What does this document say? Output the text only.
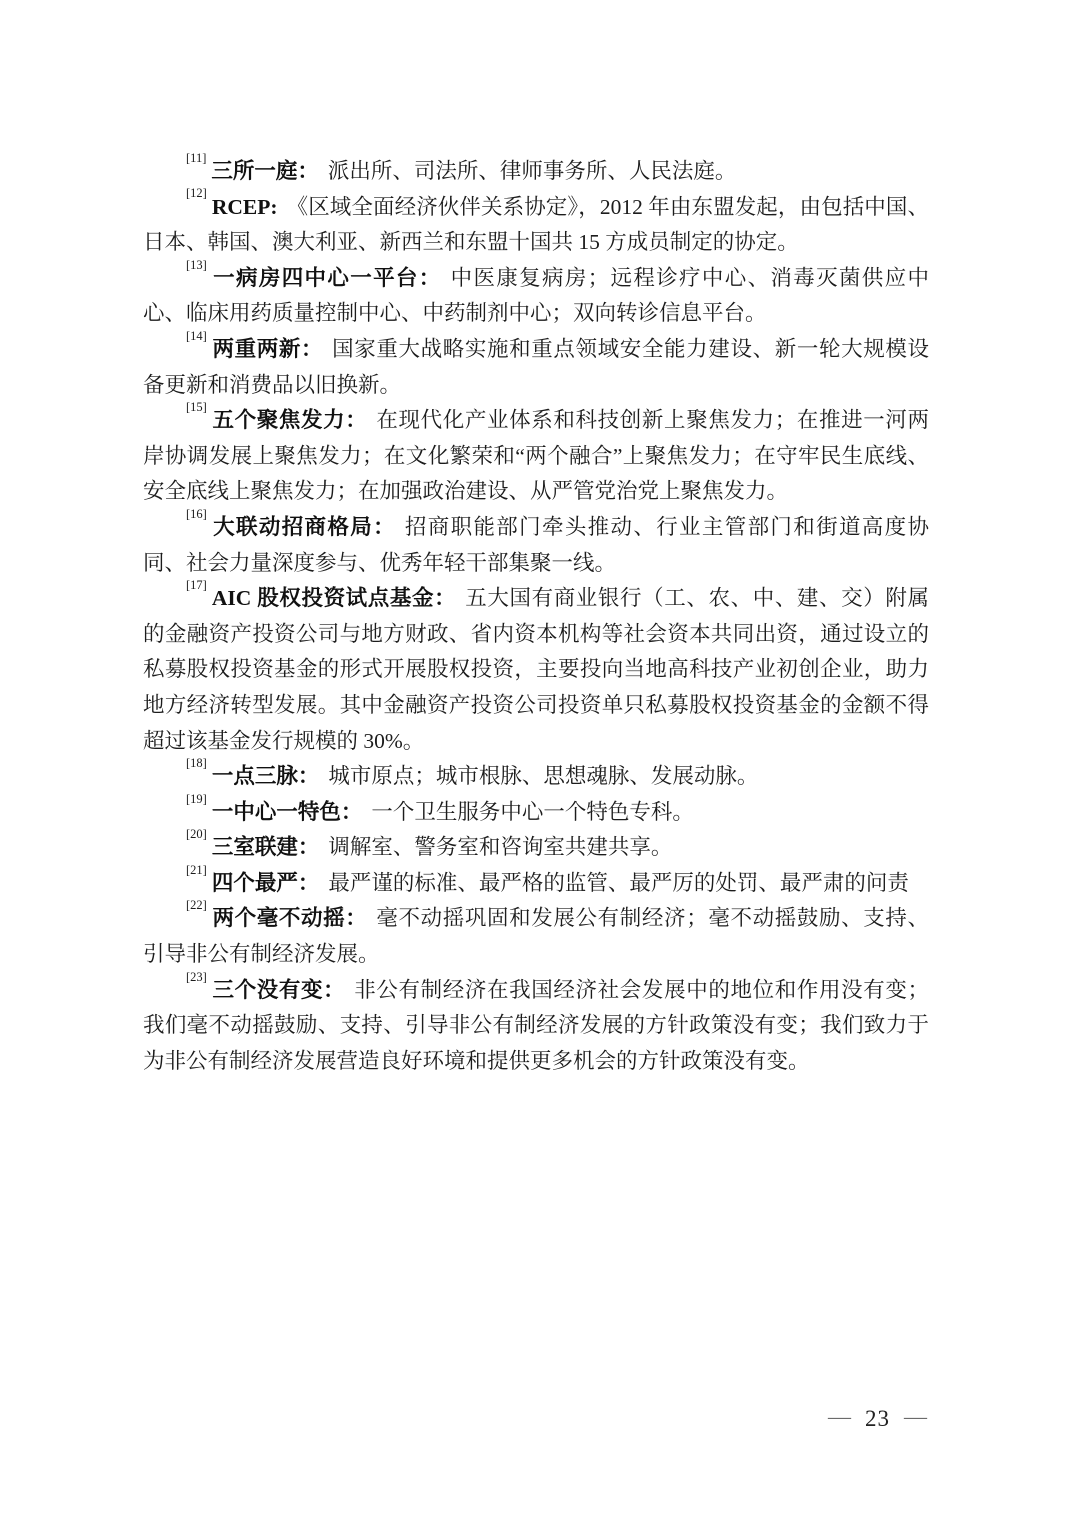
[11]三所一庭： 派出所、司法所、律师事务所、人民法庭。

[12]RCEP: 《区域全面经济伙伴关系协定》，2012 年由东盟发起，由包括中国、日本、韩国、澳大利亚、新西兰和东盟十国共 15 方成员制定的协定。

[13]一病房四中心一平台： 中医康复病房；远程诊疗中心、消毒灭菌供应中心、临床用药质量控制中心、中药制剂中心；双向转诊信息平台。

[14]两重两新： 国家重大战略实施和重点领域安全能力建设、新一轮大规模设备更新和消费品以旧换新。

[15]五个聚焦发力： 在现代化产业体系和科技创新上聚焦发力；在推进一河两岸协调发展上聚焦发力；在文化繁荣和“两个融合”上聚焦发力；在守牢民生底线、安全底线上聚焦发力；在加强政治建设、从严管党治党上聚焦发力。

[16]大联动招商格局： 招商职能部门牵头推动、行业主管部门和街道高度协同、社会力量深度参与、优秀年轻干部集聚一线。

[17]AIC 股权投资试点基金： 五大国有商业银行（工、农、中、建、交）附属的金融资产投资公司与地方财政、省内资本机构等社会资本共同出资，通过设立的私募股权投资基金的形式开展股权投资，主要投向当地高科技产业初创企业，助力地方经济转型发展。其中金融资产投资公司投资单只私募股权投资基金的金额不得超过该基金发行规模的 30%。

[18]一点三脉： 城市原点；城市根脉、思想魂脉、发展动脉。

[19]一中心一特色： 一个卫生服务中心一个特色专科。

[20]三室联建： 调解室、警务室和咨询室共建共享。

[21]四个最严： 最严谨的标准、最严格的监管、最严厉的处罚、最严肃的问责

[22]两个毫不动摇： 毫不动摇巩固和发展公有制经济；毫不动摇鼓励、支持、引导非公有制经济发展。

[23]三个没有变： 非公有制经济在我国经济社会发展中的地位和作用没有变；我们毫不动摇鼓励、支持、引导非公有制经济发展的方针政策没有变；我们致力于为非公有制经济发展营造良好环境和提供更多机会的方针政策没有变。

— 23 —
